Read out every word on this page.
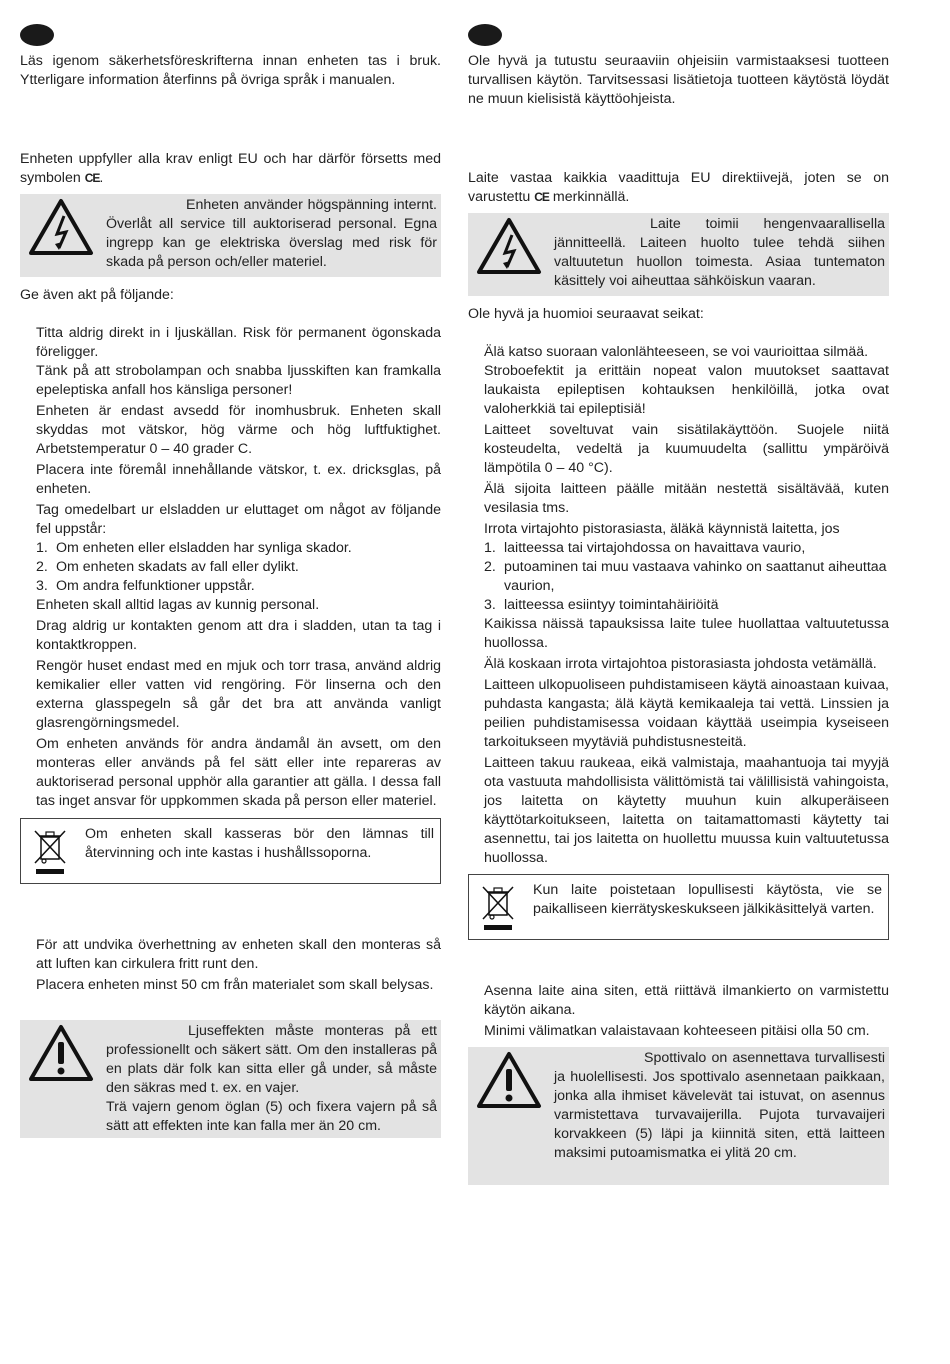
Läs igenom säkerhetsföreskrifterna innan enheten tas i bruk. Ytterligare information återfinns på övriga språk i manualen.

Enheten uppfyller alla krav enligt EU och har därför försetts med symbolen CE.

Enheten använder högspänning internt. Överlåt all service till auktoriserad personal. Egna ingrepp kan ge elektriska överslag med risk för skada på person och/eller materiel.

Ge även akt på följande:

Titta aldrig direkt in i ljuskällan. Risk för permanent ögonskada föreligger.

Tänk på att strobolampan och snabba ljusskiften kan framkalla epeleptiska anfall hos känsliga personer!

Enheten är endast avsedd för inomhusbruk. Enheten skall skyddas mot vätskor, hög värme och hög luftfuktighet. Arbetstemperatur 0 – 40 grader C.

Placera inte föremål innehållande vätskor, t. ex. dricksglas, på enheten.

Tag omedelbart ur elsladden ur eluttaget om något av följande fel uppstår:

1. Om enheten eller elsladden har synliga skador.
2. Om enheten skadats av fall eller dylikt.
3. Om andra felfunktioner uppstår.

Enheten skall alltid lagas av kunnig personal.

Drag aldrig ur kontakten genom att dra i sladden, utan ta tag i kontaktkroppen.

Rengör huset endast med en mjuk och torr trasa, använd aldrig kemikalier eller vatten vid rengöring. För linserna och den externa glasspegeln så går det bra att använda vanligt glasrengörningsmedel.

Om enheten används för andra ändamål än avsett, om den monteras eller används på fel sätt eller inte repareras av auktoriserad personal upphör alla garantier att gälla. I dessa fall tas inget ansvar för uppkommen skada på person eller materiel.

Om enheten skall kasseras bör den lämnas till återvinning och inte kastas i hushållssoporna.

För att undvika överhettning av enheten skall den monteras så att luften kan cirkulera fritt runt den.

Placera enheten minst 50 cm från materialet som skall belysas.

Ljuseffekten måste monteras på ett professionellt och säkert sätt. Om den installeras på en plats där folk kan sitta eller gå under, så måste den säkras med t. ex. en vajer.

Trä vajern genom öglan (5) och fixera vajern på så sätt att effekten inte kan falla mer än 20 cm.

Ole hyvä ja tutustu seuraaviin ohjeisiin varmistaaksesi tuotteen turvallisen käytön. Tarvitsessasi lisätietoja tuotteen käytöstä löydät ne muun kielisistä käyttöohjeista.

Laite vastaa kaikkia vaadittuja EU direktiivejä, joten se on varustettu CE merkinnällä.

Laite toimii hengenvaarallisella jännitteellä. Laiteen huolto tulee tehdä siihen valtuutetun huollon toimesta. Asiaa tuntematon käsittely voi aiheuttaa sähköiskun vaaran.

Ole hyvä ja huomioi seuraavat seikat:

Älä katso suoraan valonlähteeseen, se voi vaurioittaa silmää.

Stroboefektit ja erittäin nopeat valon muutokset saattavat laukaista epileptisen kohtauksen henkilöillä, jotka ovat valoherkkiä tai epileptisiä!

Laitteet soveltuvat vain sisätilakäyttöön. Suojele niitä kosteudelta, vedeltä ja kuumuudelta (sallittu ympäröivä lämpötila 0 – 40 °C).

Älä sijoita laitteen päälle mitään nestettä sisältävää, kuten vesilasia tms.

Irrota virtajohto pistorasiasta, äläkä käynnistä laitetta, jos

1. laitteessa tai virtajohdossa on havaittava vaurio,
2. putoaminen tai muu vastaava vahinko on saattanut aiheuttaa vaurion,
3. laitteessa esiintyy toimintahäiriöitä

Kaikissa näissä tapauksissa laite tulee huollattaa valtuutetussa huollossa.

Älä koskaan irrota virtajohtoa pistorasiasta johdosta vetämällä.

Laitteen ulkopuoliseen puhdistamiseen käytä ainoastaan kuivaa, puhdasta kangasta; älä käytä kemikaaleja tai vettä. Linssien ja peilien puhdistamisessa voidaan käyttää useimpia kyseiseen tarkoitukseen myytäviä puhdistusnesteitä.

Laitteen takuu raukeaa, eikä valmistaja, maahantuoja tai myyjä ota vastuuta mahdollisista välittömistä tai välillisistä vahingoista, jos laitetta on käytetty muuhun kuin alkuperäiseen käyttötarkoitukseen, laitetta on taitamattomasti käytetty tai asennettu, tai jos laitetta on huollettu muussa kuin valtuutetussa huollossa.

Kun laite poistetaan lopullisesti käytösta, vie se paikalliseen kierrätyskeskukseen jälkikäsittelyä varten.

Asenna laite aina siten, että riittävä ilmankierto on varmistettu käytön aikana.

Minimi välimatkan valaistavaan kohteeseen pitäisi olla 50 cm.

Spottivalo on asennettava turvallisesti ja huolellisesti. Jos spottivalo asennetaan paikkaan, jonka alla ihmiset kävelevät tai istuvat, on asennus varmistettava turvavaijerilla. Pujota turvavaijeri korvakkeen (5) läpi ja kiinnitä siten, että laitteen maksimi putoamismatka ei ylitä 20 cm.
